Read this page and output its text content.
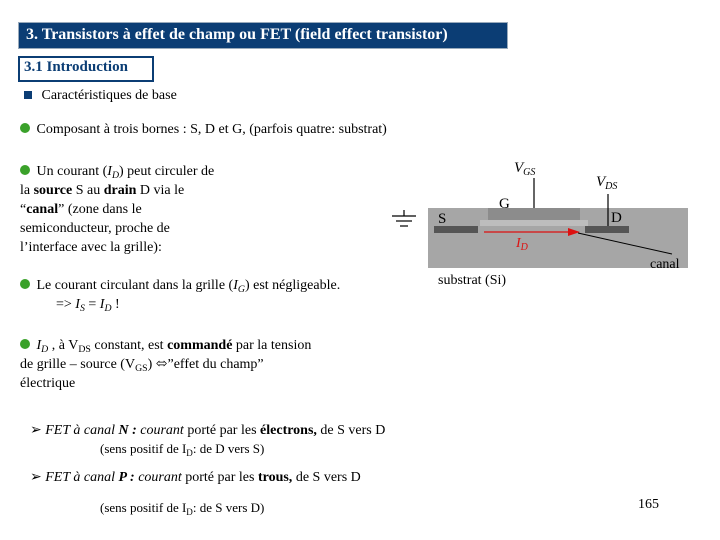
3. Transistors à effet de champ ou FET (field effect transistor)
3.1 Introduction
Caractéristiques de base
Composant à trois bornes : S, D et G, (parfois quatre: substrat)
Un courant $(I_D)$ peut circuler de
la source S au drain D via le
“canal” (zone dans le
semiconducteur, proche de
l’interface avec la grille):
Le courant circulant dans la grille $(I_G)$ est négligeable.
=> $I_S = I_D$ !
$I_D$ , à $V_{DS}$ constant, est commandé par la tension
de grille – source $(V_{GS})$ ⬄”effet du champ”
électrique
➢ FET à canal N : courant porté par les électrons, de S vers D
(sens positif de $I_D$: de D vers S)
➢ FET à canal P : courant porté par les trous, de S vers D
(sens positif de $I_D$: de S vers D)	165
$V_{GS}$
$V_{DS}$
G
S	D
$I_D$
canal
substrat (Si)
